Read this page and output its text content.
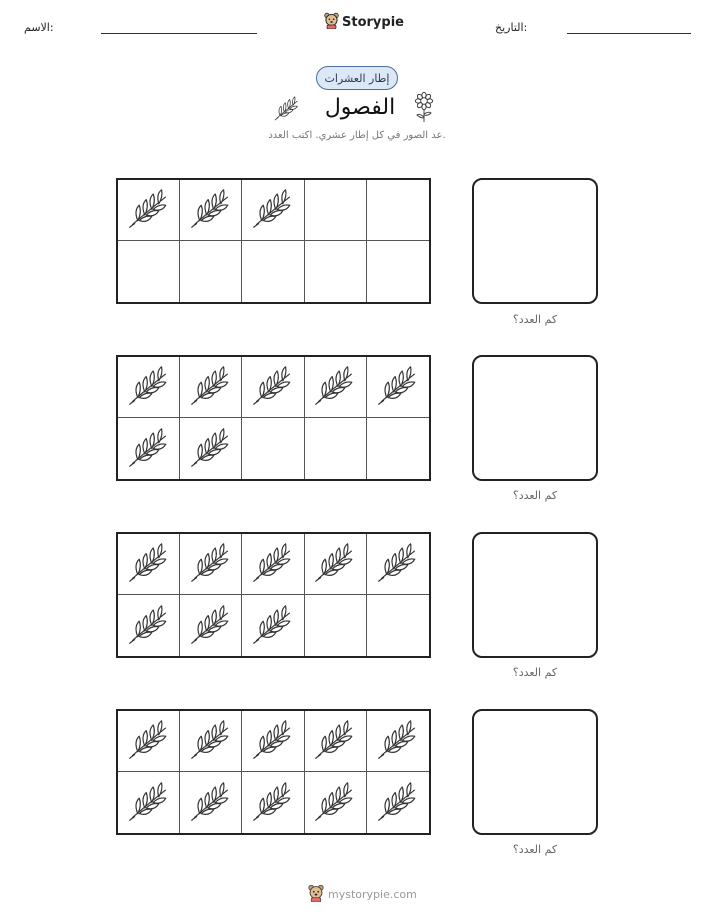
الاسم:	Storypie	التاريخ:
إطار العشرات
الفصول
عد الصور في كل إطار عشري. اكتب العدد.
كم العدد؟
كم العدد؟
كم العدد؟
كم العدد؟
mystorypie.com
